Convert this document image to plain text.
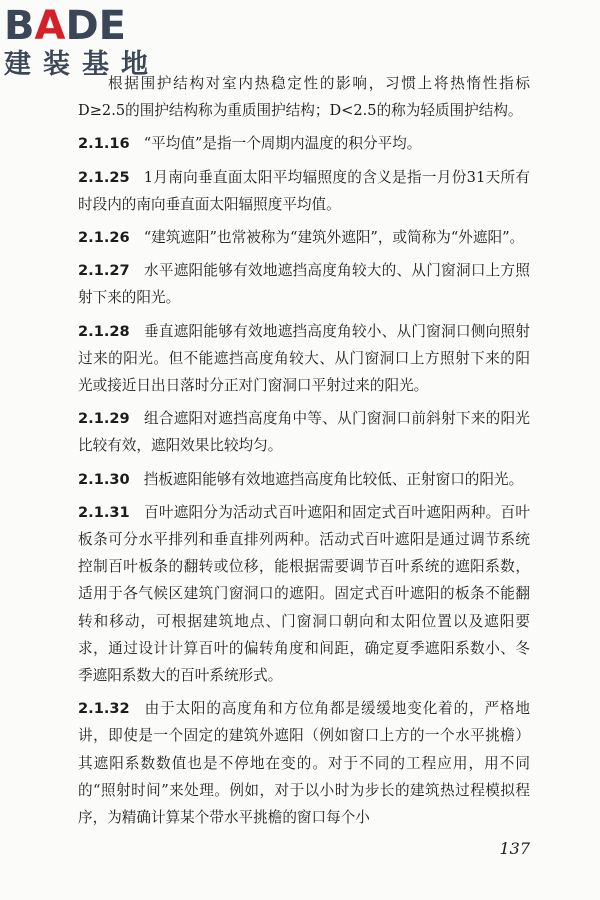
BADE
建装基地

根据围护结构对室内热稳定性的影响，习惯上将热惰性指标D≥2.5的围护结构称为重质围护结构；D<2.5的称为轻质围护结构。

2.1.16 “平均值”是指一个周期内温度的积分平均。

2.1.25 1月南向垂直面太阳平均辐照度的含义是指一月份31天所有时段内的南向垂直面太阳辐照度平均值。

2.1.26 “建筑遮阳”也常被称为“建筑外遮阳”，或简称为“外遮阳”。

2.1.27 水平遮阳能够有效地遮挡高度角较大的、从门窗洞口上方照射下来的阳光。

2.1.28 垂直遮阳能够有效地遮挡高度角较小、从门窗洞口侧向照射过来的阳光。但不能遮挡高度角较大、从门窗洞口上方照射下来的阳光或接近日出日落时分正对门窗洞口平射过来的阳光。

2.1.29 组合遮阳对遮挡高度角中等、从门窗洞口前斜射下来的阳光比较有效，遮阳效果比较均匀。

2.1.30 挡板遮阳能够有效地遮挡高度角比较低、正射窗口的阳光。

2.1.31 百叶遮阳分为活动式百叶遮阳和固定式百叶遮阳两种。百叶板条可分水平排列和垂直排列两种。活动式百叶遮阳是通过调节系统控制百叶板条的翻转或位移，能根据需要调节百叶系统的遮阳系数，适用于各气候区建筑门窗洞口的遮阳。固定式百叶遮阳的板条不能翻转和移动，可根据建筑地点、门窗洞口朝向和太阳位置以及遮阳要求，通过设计计算百叶的偏转角度和间距，确定夏季遮阳系数小、冬季遮阳系数大的百叶系统形式。

2.1.32 由于太阳的高度角和方位角都是缓缓地变化着的，严格地讲，即使是一个固定的建筑外遮阳（例如窗口上方的一个水平挑檐）其遮阳系数数值也是不停地在变的。对于不同的工程应用，用不同的“照射时间”来处理。例如，对于以小时为步长的建筑热过程模拟程序，为精确计算某个带水平挑檐的窗口每个小

137
